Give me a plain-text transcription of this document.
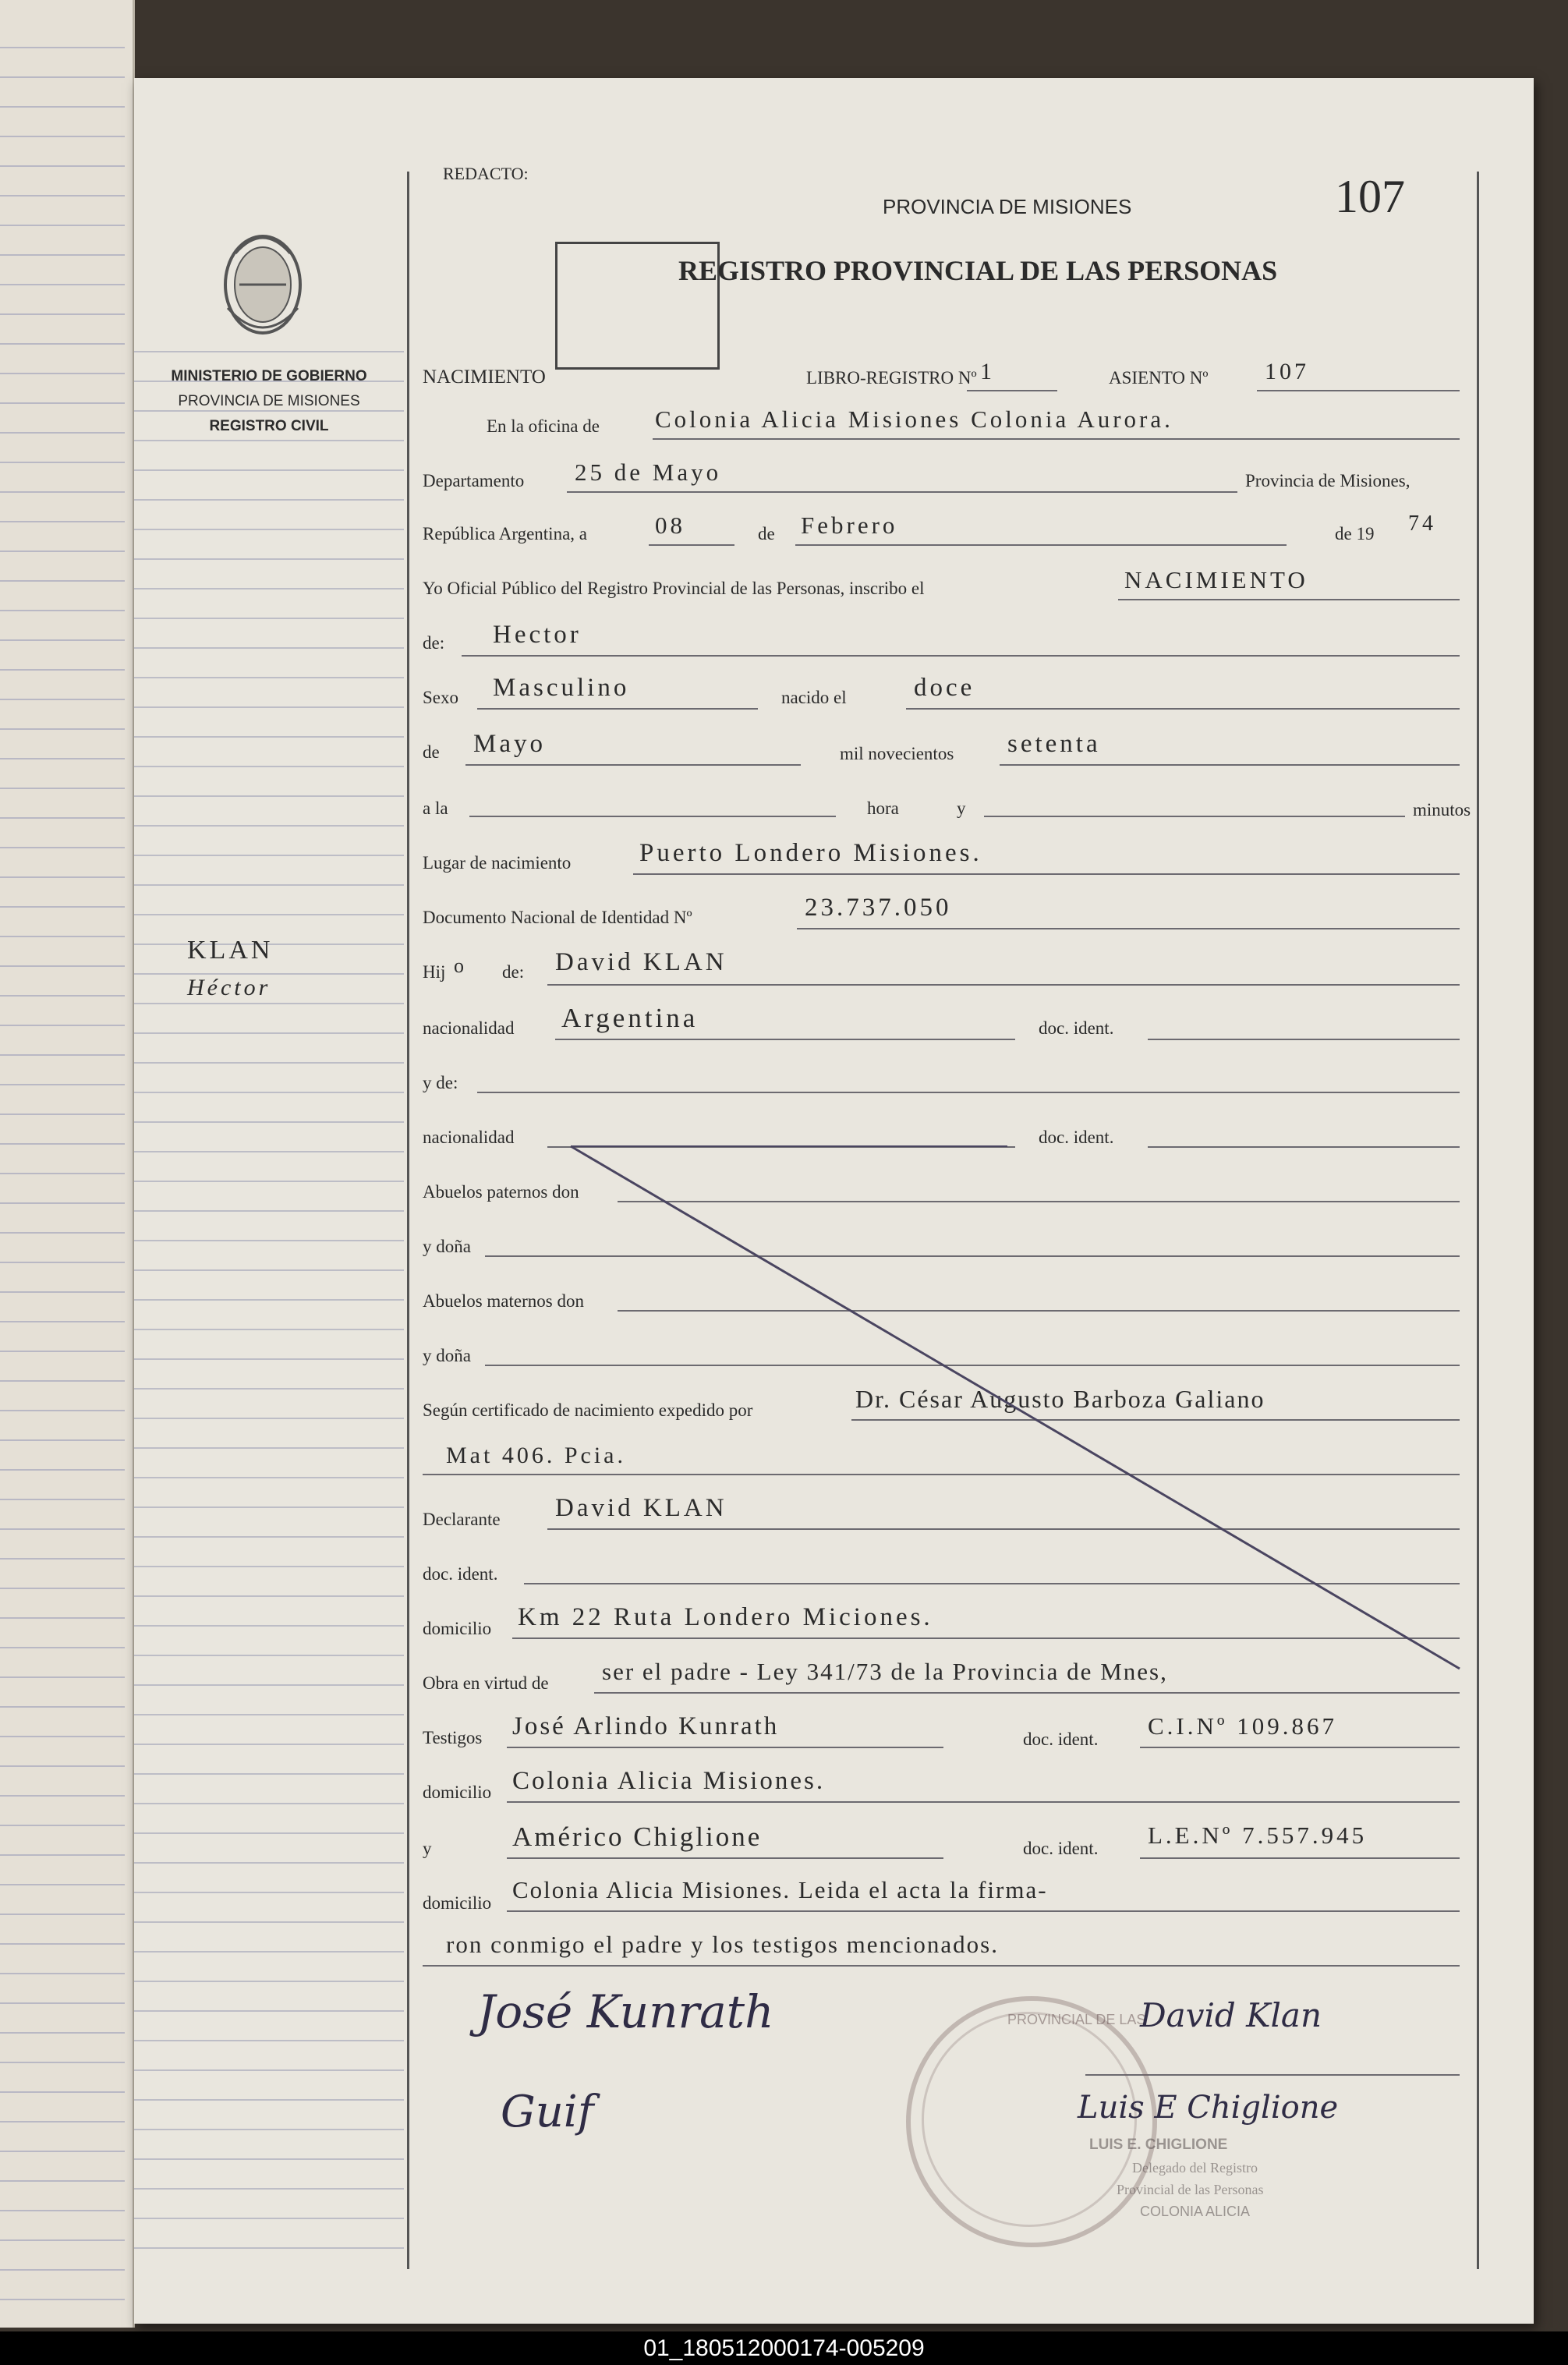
MINISTERIO DE GOBIERNO
PROVINCIA DE MISIONES
REGISTRO CIVIL
KLAN
Héctor
REDACTO:
PROVINCIA DE MISIONES	107
REGISTRO PROVINCIAL DE LAS PERSONAS
NACIMIENTO	LIBRO-REGISTRO Nº 1	ASIENTO Nº 107
En la oficina de Colonia Alicia Misiones Colonia Aurora.
Departamento 25 de Mayo	Provincia de Misiones,
República Argentina, a	08	de Febrero	de 19 74
Yo Oficial Público del Registro Provincial de las Personas, inscribo el	NACIMIENTO
de: Hector
Sexo Masculino	nacido el	doce
de Mayo	mil novecientos setenta
a la	hora	y	minutos
Lugar de nacimiento	Puerto Londero Misiones.
Documento Nacional de Identidad Nº	23.737.050
Hij o de: David KLAN
nacionalidad Argentina	doc. ident.
y de:
nacionalidad	doc. ident.
Abuelos paternos don
y doña
Abuelos maternos don
y doña
Según certificado de nacimiento expedido por	Dr. César Augusto Barboza Galiano
Mat 406. Pcia.
Declarante David KLAN
doc. ident.
domicilio Km 22 Ruta Londero Miciones.
Obra en virtud de ser el padre - Ley 341/73 de la Provincia de Mnes,
Testigos José Arlindo Kunrath	doc. ident. C.I.Nº 109.867
domicilio Colonia Alicia Misiones.
y	Américo Chiglione	doc. ident. L.E.Nº 7.557.945
domicilio Colonia Alicia Misiones. Leida el acta la firma-
ron conmigo el padre y los testigos mencionados.
PROVINCIAL DE LAS
LUIS E. CHIGLIONE
Delegado del Registro
Provincial de las Personas
COLONIA ALICIA
José Kunrath	David Klan
Guif	Luis E Chiglione
01_180512000174-005209
